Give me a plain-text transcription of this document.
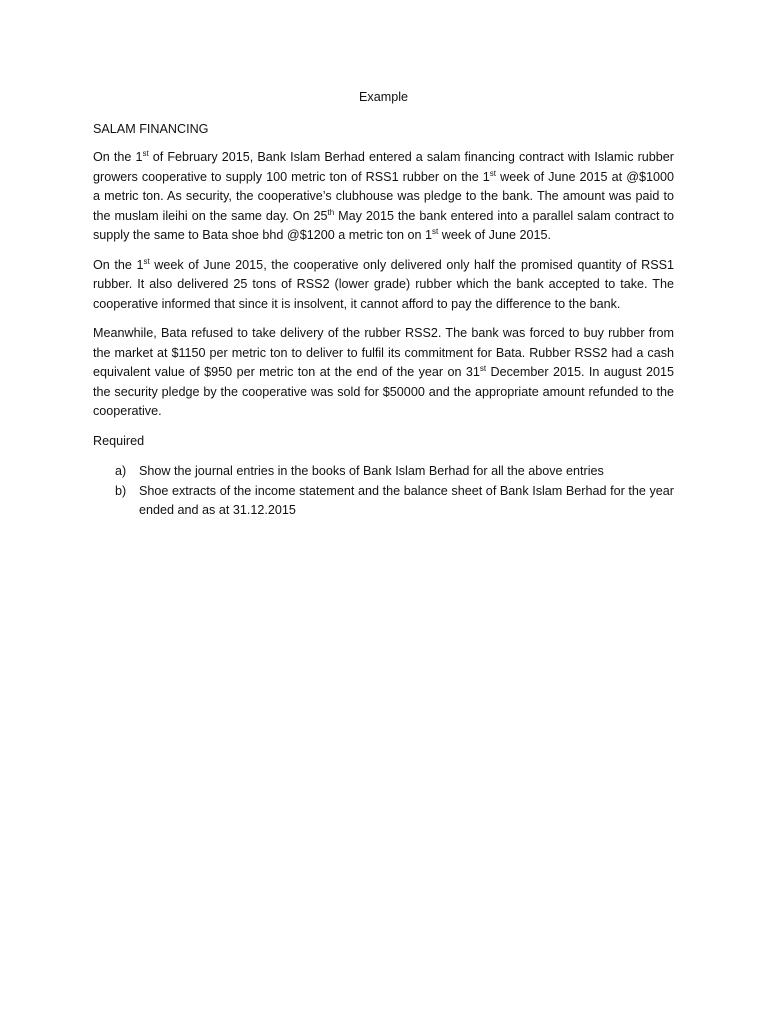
Example
SALAM FINANCING

On the 1st of February 2015, Bank Islam Berhad entered a salam financing contract with Islamic rubber growers cooperative to supply 100 metric ton of RSS1 rubber on the 1st week of June 2015 at @$1000 a metric ton. As security, the cooperative’s clubhouse was pledge to the bank. The amount was paid to the muslam ileihi on the same day. On 25th May 2015 the bank entered into a parallel salam contract to supply the same to Bata shoe bhd @$1200 a metric ton on 1st week of June 2015.

On the 1st week of June 2015, the cooperative only delivered only half the promised quantity of RSS1 rubber. It also delivered 25 tons of RSS2 (lower grade) rubber which the bank accepted to take. The cooperative informed that since it is insolvent, it cannot afford to pay the difference to the bank.

Meanwhile, Bata refused to take delivery of the rubber RSS2. The bank was forced to buy rubber from the market at $1150 per metric ton to deliver to fulfil its commitment for Bata. Rubber RSS2 had a cash equivalent value of $950 per metric ton at the end of the year on 31st December 2015. In august 2015 the security pledge by the cooperative was sold for $50000 and the appropriate amount refunded to the cooperative.

Required
a)	Show the journal entries in the books of Bank Islam Berhad for all the above entries
b)	Shoe extracts of the income statement and the balance sheet of Bank Islam Berhad for the year ended and as at 31.12.2015
